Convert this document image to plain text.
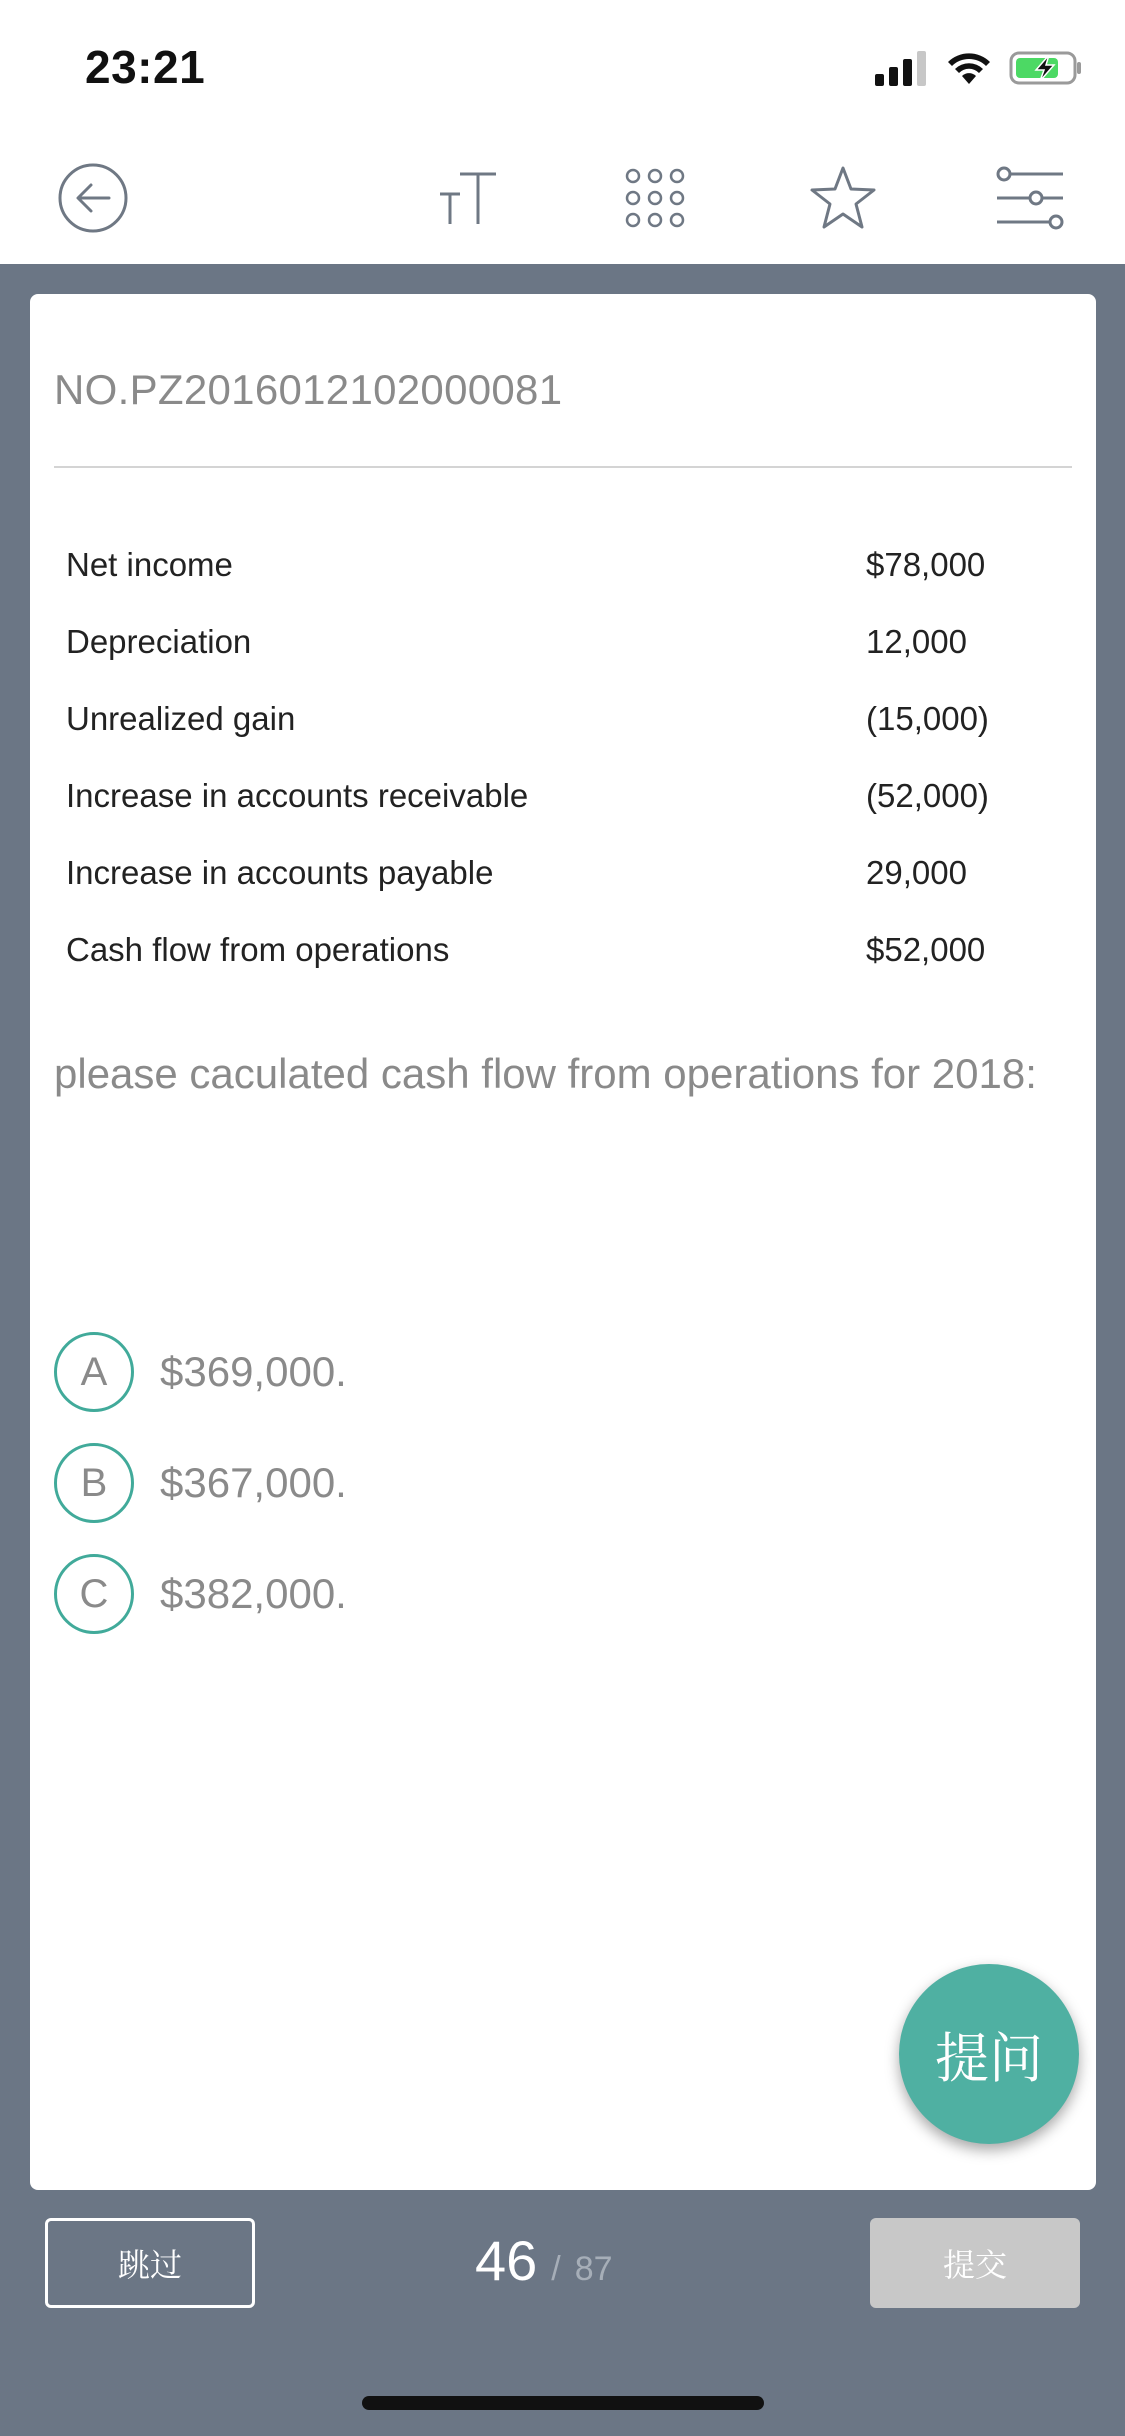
23:21
NO.PZ2016012102000081
Net income	$78,000
Depreciation	12,000
Unrealized gain	(15,000)
Increase in accounts receivable	(52,000)
Increase in accounts payable	29,000
Cash flow from operations	$52,000
please caculated cash flow from operations for 2018:
A	$369,000.
B	$367,000.
C	$382,000.
提问
跳过	46 / 87	提交
